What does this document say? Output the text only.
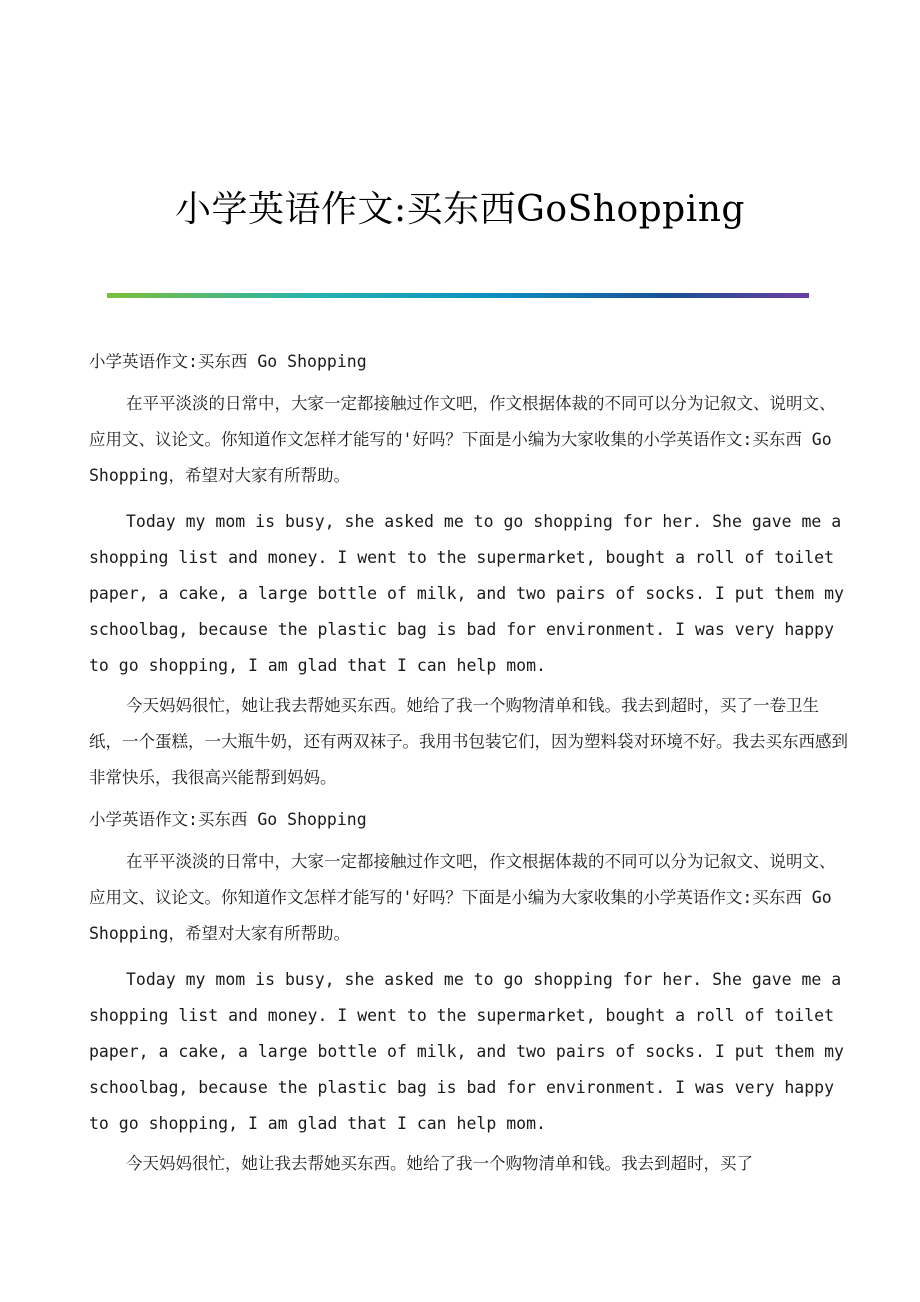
小学英语作文:买东西GoShopping

小学英语作文:买东西 Go Shopping

在平平淡淡的日常中，大家一定都接触过作文吧，作文根据体裁的不同可以分为记叙文、说明文、应用文、议论文。你知道作文怎样才能写的'好吗？下面是小编为大家收集的小学英语作文:买东西 Go Shopping，希望对大家有所帮助。

Today my mom is busy, she asked me to go shopping for her. She gave me a shopping list and money. I went to the supermarket, bought a roll of toilet paper, a cake, a large bottle of milk, and two pairs of socks. I put them my schoolbag, because the plastic bag is bad for environment. I was very happy to go shopping, I am glad that I can help mom.

今天妈妈很忙，她让我去帮她买东西。她给了我一个购物清单和钱。我去到超时，买了一卷卫生纸，一个蛋糕，一大瓶牛奶，还有两双袜子。我用书包装它们，因为塑料袋对环境不好。我去买东西感到非常快乐，我很高兴能帮到妈妈。

小学英语作文:买东西 Go Shopping

在平平淡淡的日常中，大家一定都接触过作文吧，作文根据体裁的不同可以分为记叙文、说明文、应用文、议论文。你知道作文怎样才能写的'好吗？下面是小编为大家收集的小学英语作文:买东西 Go Shopping，希望对大家有所帮助。

Today my mom is busy, she asked me to go shopping for her. She gave me a shopping list and money. I went to the supermarket, bought a roll of toilet paper, a cake, a large bottle of milk, and two pairs of socks. I put them my schoolbag, because the plastic bag is bad for environment. I was very happy to go shopping, I am glad that I can help mom.

今天妈妈很忙，她让我去帮她买东西。她给了我一个购物清单和钱。我去到超时，买了
